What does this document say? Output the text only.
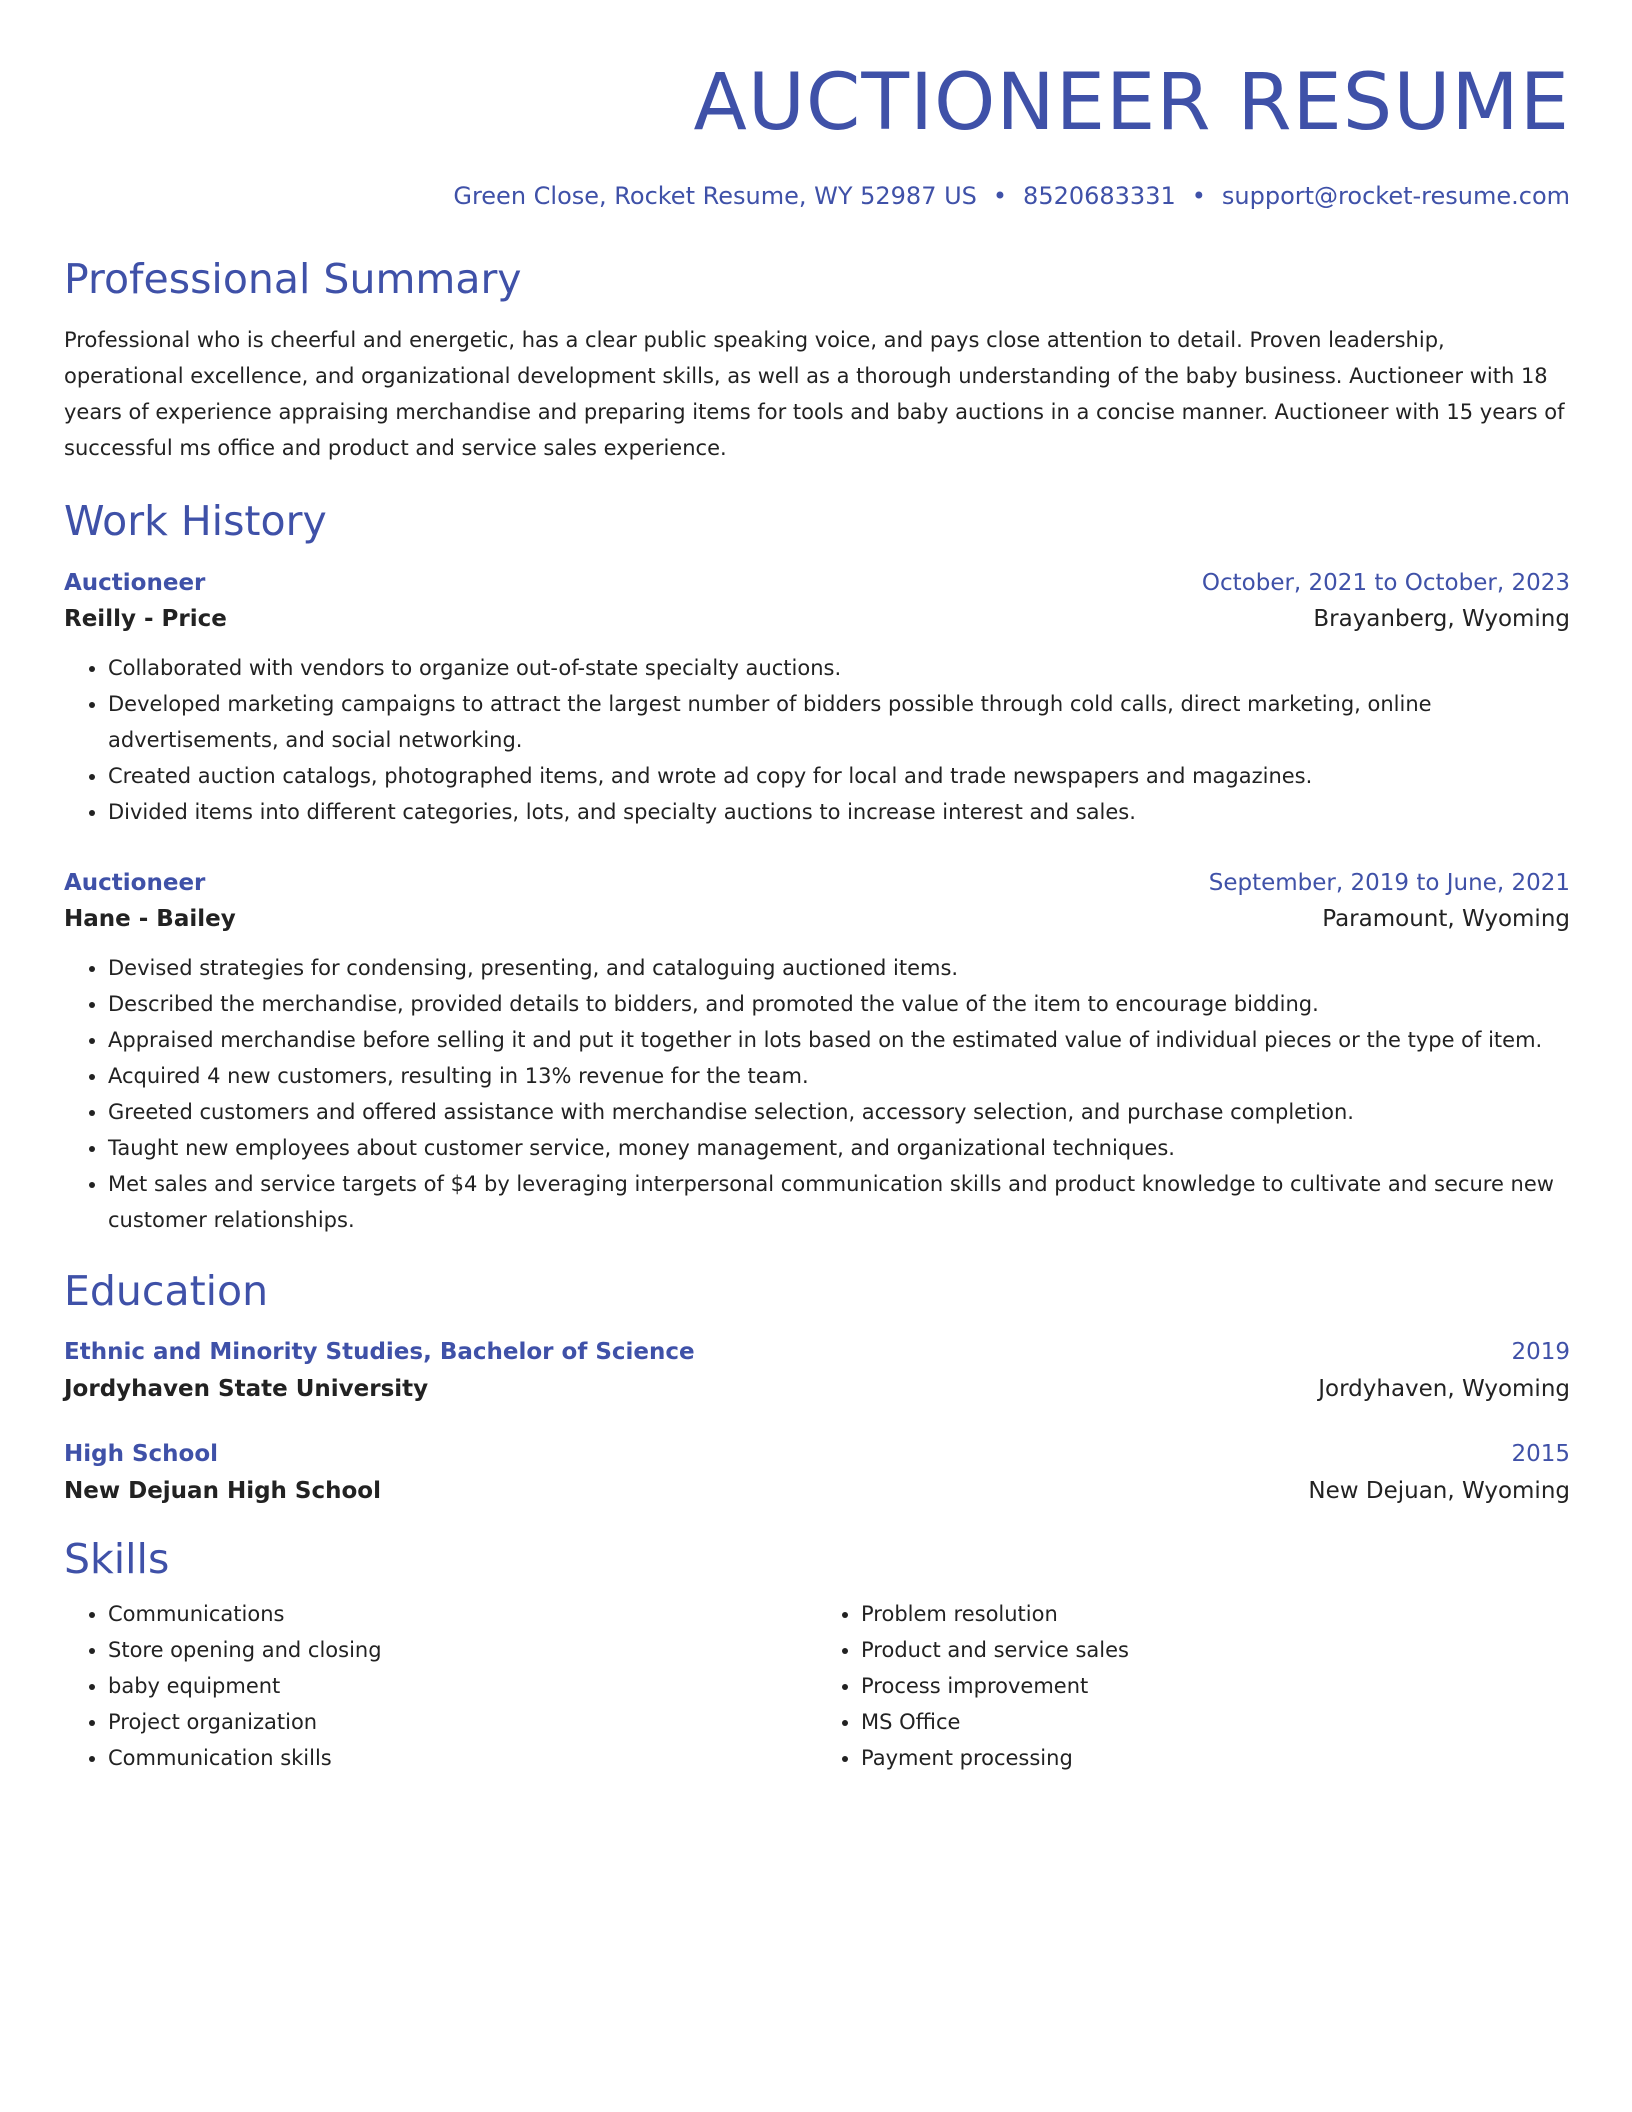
AUCTIONEER RESUME
Green Close, Rocket Resume, WY 52987 US • 8520683331 • support@rocket-resume.com
Professional Summary
Professional who is cheerful and energetic, has a clear public speaking voice, and pays close attention to detail. Proven leadership, operational excellence, and organizational development skills, as well as a thorough understanding of the baby business. Auctioneer with 18 years of experience appraising merchandise and preparing items for tools and baby auctions in a concise manner. Auctioneer with 15 years of successful ms office and product and service sales experience.
Work History
Auctioneer	October, 2021 to October, 2023
Reilly - Price	Brayanberg, Wyoming
• Collaborated with vendors to organize out-of-state specialty auctions.
• Developed marketing campaigns to attract the largest number of bidders possible through cold calls, direct marketing, online advertisements, and social networking.
• Created auction catalogs, photographed items, and wrote ad copy for local and trade newspapers and magazines.
• Divided items into different categories, lots, and specialty auctions to increase interest and sales.
Auctioneer	September, 2019 to June, 2021
Hane - Bailey	Paramount, Wyoming
• Devised strategies for condensing, presenting, and cataloguing auctioned items.
• Described the merchandise, provided details to bidders, and promoted the value of the item to encourage bidding.
• Appraised merchandise before selling it and put it together in lots based on the estimated value of individual pieces or the type of item.
• Acquired 4 new customers, resulting in 13% revenue for the team.
• Greeted customers and offered assistance with merchandise selection, accessory selection, and purchase completion.
• Taught new employees about customer service, money management, and organizational techniques.
• Met sales and service targets of $4 by leveraging interpersonal communication skills and product knowledge to cultivate and secure new customer relationships.
Education
Ethnic and Minority Studies, Bachelor of Science	2019
Jordyhaven State University	Jordyhaven, Wyoming
High School	2015
New Dejuan High School	New Dejuan, Wyoming
Skills
• Communications
• Store opening and closing
• baby equipment
• Project organization
• Communication skills
• Problem resolution
• Product and service sales
• Process improvement
• MS Office
• Payment processing
